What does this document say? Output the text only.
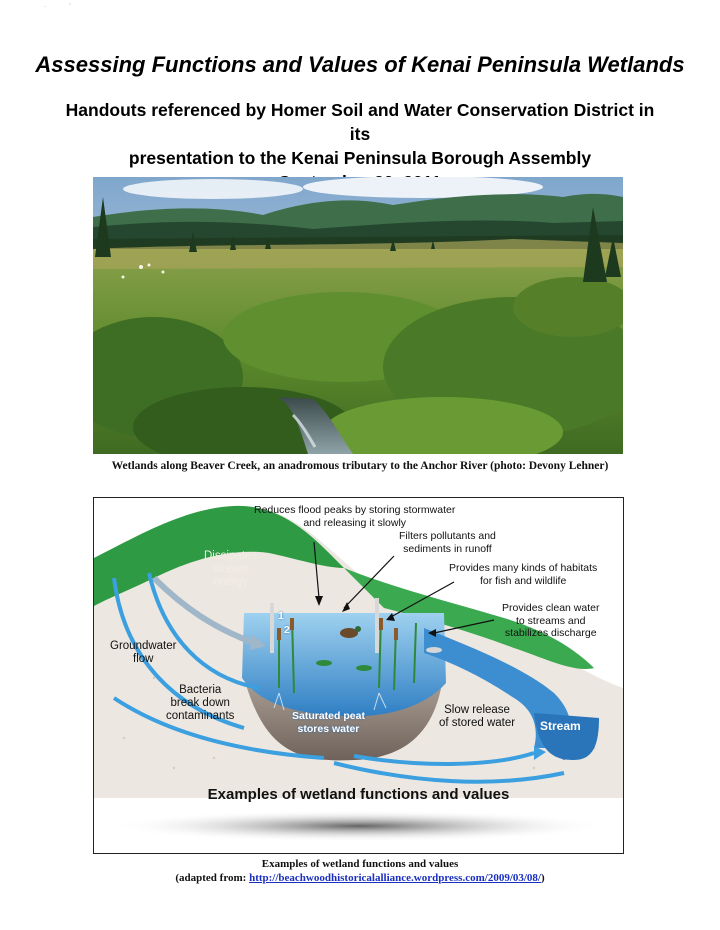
·              '
Assessing Functions and Values of Kenai Peninsula Wetlands
Handouts referenced by Homer Soil and Water Conservation District in its
presentation to the Kenai Peninsula Borough Assembly
Wetlands along Beaver Creek, an anadromous tributary to the Anchor River (photo: Devony Lehner)
Reduces flood peaks by storing stormwater
and releasing it slowly
Filters pollutants and
sediments in runoff
Provides many kinds of habitats
for fish and wildlife
Provides clean water
to streams and
stabilizes discharge
Dissipates
stream
energy
Groundwater
flow
Bacteria
break down
contaminants	Saturated peat
stores water
Slow release
of stored water Stream
1
2
Examples of wetland functions and values
Examples of wetland functions and values
(adapted from: http://beachwoodhistoricalalliance.wordpress.com/2009/03/08/)
